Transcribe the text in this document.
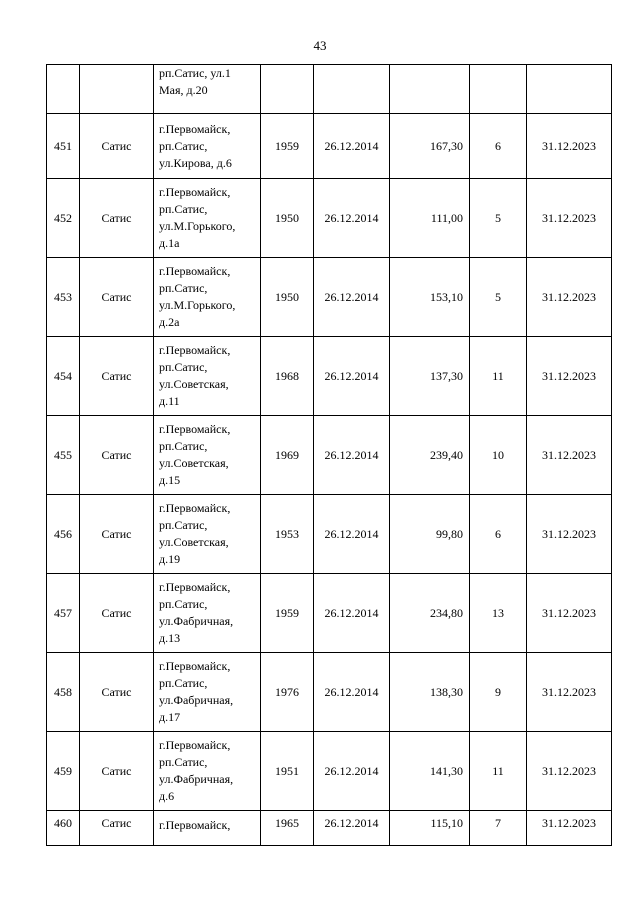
43

		рп.Сатис, ул.1
Мая, д.20					

451	Сатис	г.Первомайск,
рп.Сатис,
ул.Кирова, д.6	1959	26.12.2014	167,30	6	31.12.2023
452	Сатис	г.Первомайск,
рп.Сатис,
ул.М.Горького,
д.1а	1950	26.12.2014	111,00	5	31.12.2023
453	Сатис	г.Первомайск,
рп.Сатис,
ул.М.Горького,
д.2а	1950	26.12.2014	153,10	5	31.12.2023
454	Сатис	г.Первомайск,
рп.Сатис,
ул.Советская,
д.11	1968	26.12.2014	137,30	11	31.12.2023
455	Сатис	г.Первомайск,
рп.Сатис,
ул.Советская,
д.15	1969	26.12.2014	239,40	10	31.12.2023
456	Сатис	г.Первомайск,
рп.Сатис,
ул.Советская,
д.19	1953	26.12.2014	99,80	6	31.12.2023
457	Сатис	г.Первомайск,
рп.Сатис,
ул.Фабричная,
д.13	1959	26.12.2014	234,80	13	31.12.2023
458	Сатис	г.Первомайск,
рп.Сатис,
ул.Фабричная,
д.17	1976	26.12.2014	138,30	9	31.12.2023
459	Сатис	г.Первомайск,
рп.Сатис,
ул.Фабричная,
д.6	1951	26.12.2014	141,30	11	31.12.2023
460	Сатис	г.Первомайск,	1965	26.12.2014	115,10	7	31.12.2023
